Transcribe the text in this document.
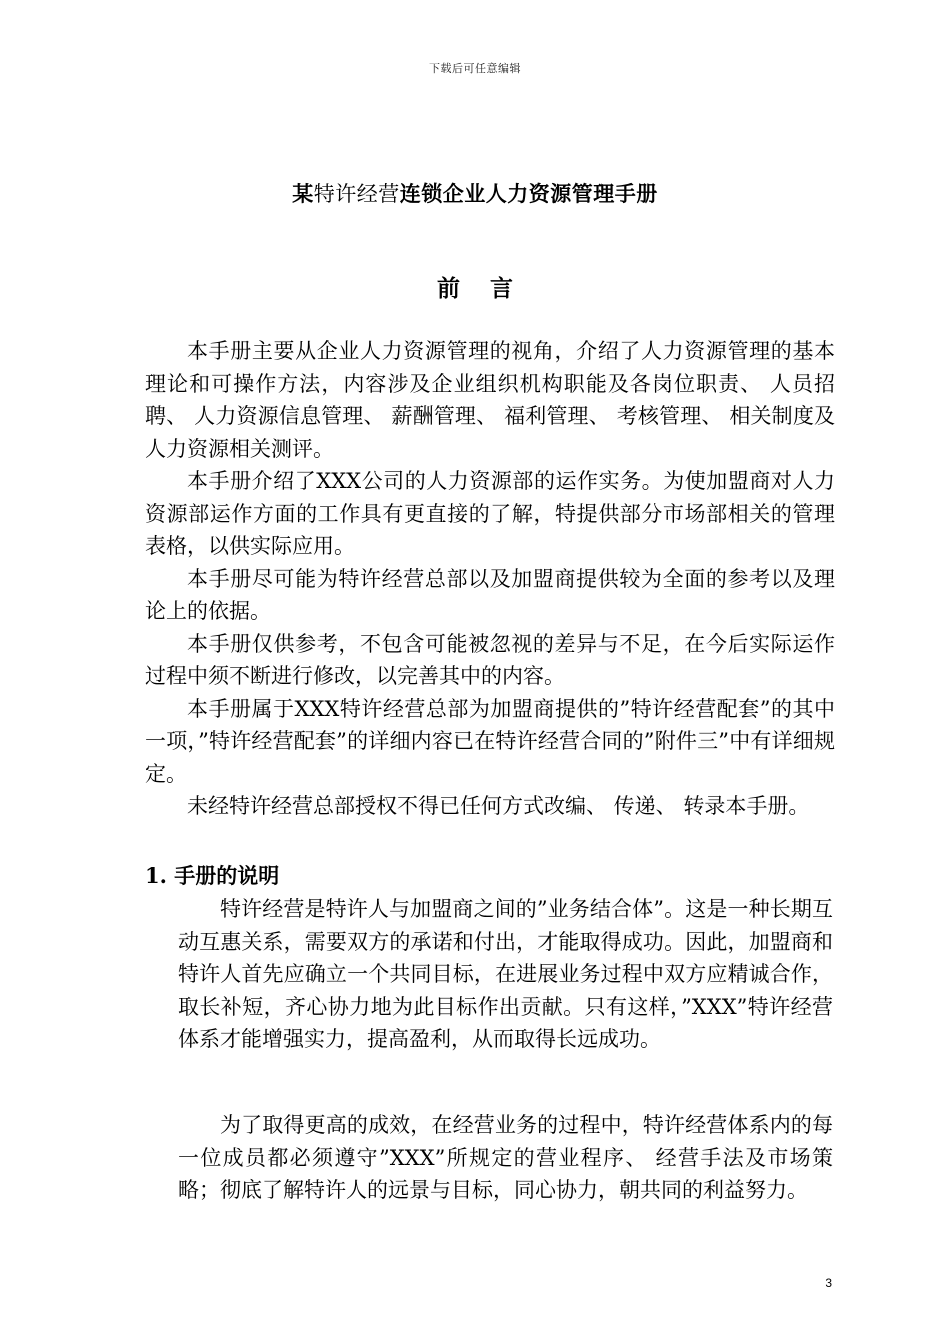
下载后可任意编辑
某特许经营连锁企业人力资源管理手册
前 言

本手册主要从企业人力资源管理的视角，介绍了人力资源管理的基本理论和可操作方法，内容涉及企业组织机构职能及各岗位职责、 人员招聘、 人力资源信息管理、 薪酬管理、 福利管理、 考核管理、 相关制度及人力资源相关测评。

本手册介绍了XXX公司的人力资源部的运作实务。为使加盟商对人力资源部运作方面的工作具有更直接的了解，特提供部分市场部相关的管理表格，以供实际应用。

本手册尽可能为特许经营总部以及加盟商提供较为全面的参考以及理论上的依据。

本手册仅供参考，不包含可能被忽视的差异与不足，在今后实际运作过程中须不断进行修改，以完善其中的内容。

本手册属于XXX特许经营总部为加盟商提供的”特许经营配套”的其中一项，”特许经营配套”的详细内容已在特许经营合同的”附件三”中有详细规定。

未经特许经营总部授权不得已任何方式改编、 传递、 转录本手册。

1. 手册的说明

特许经营是特许人与加盟商之间的”业务结合体”。这是一种长期互动互惠关系，需要双方的承诺和付出，才能取得成功。因此，加盟商和特许人首先应确立一个共同目标，在进展业务过程中双方应精诚合作，取长补短，齐心协力地为此目标作出贡献。只有这样，”XXX”特许经营体系才能增强实力，提高盈利，从而取得长远成功。

为了取得更高的成效，在经营业务的过程中，特许经营体系内的每一位成员都必须遵守”XXX”所规定的营业程序、 经营手法及市场策略；彻底了解特许人的远景与目标，同心协力，朝共同的利益努力。

3
